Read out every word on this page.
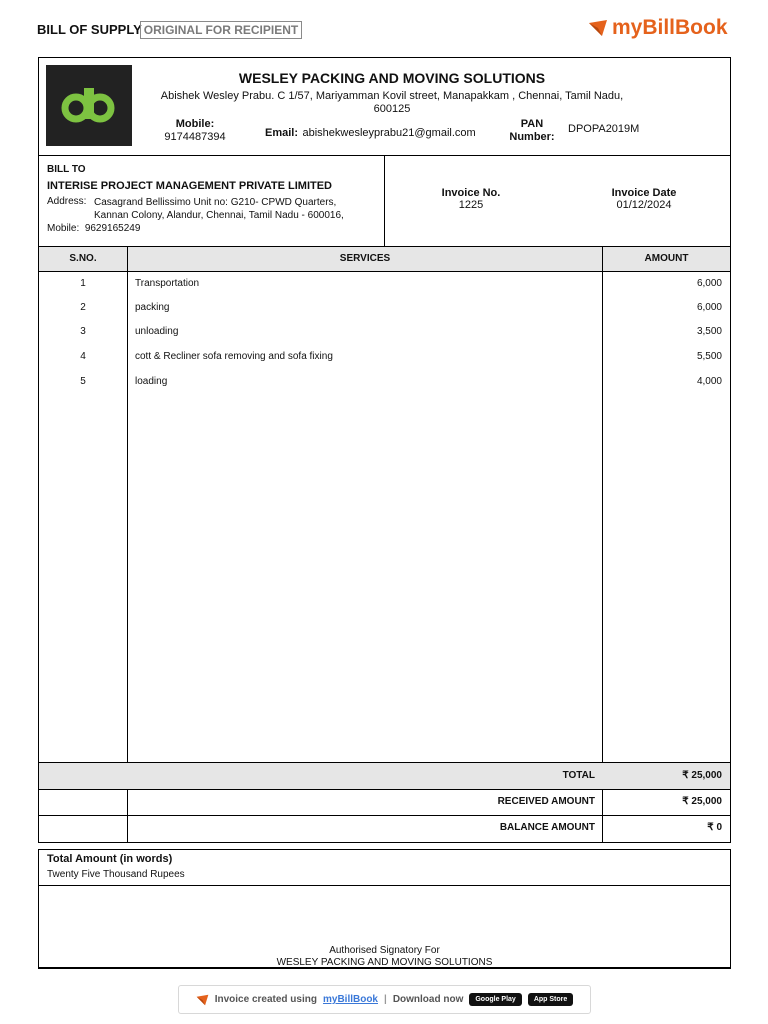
BILL OF SUPPLY ORIGINAL FOR RECIPIENT	myBillBook
WESLEY PACKING AND MOVING SOLUTIONS
Abishek Wesley Prabu. C 1/57, Mariyamman Kovil street, Manapakkam , Chennai, Tamil Nadu,
600125
Mobile:
9174487394	Email: abishekwesleyprabu21@gmail.com
PAN
Number:
DPOPA2019M
BILL TO
INTERISE PROJECT MANAGEMENT PRIVATE LIMITED
Address: Casagrand Bellissimo Unit no: G210- CPWD Quarters,
Kannan Colony, Alandur, Chennai, Tamil Nadu - 600016,
Mobile: 9629165249
Invoice No.
1225
Invoice Date
01/12/2024
S.NO.	SERVICES	AMOUNT
1	Transportation	6,000
2	packing	6,000
3	unloading	3,500
4	cott & Recliner sofa removing and sofa fixing	5,500
5	loading	4,000
TOTAL	₹ 25,000
RECEIVED AMOUNT	₹ 25,000
BALANCE AMOUNT	₹ 0
Total Amount (in words)
Twenty Five Thousand Rupees
Authorised Signatory For
WESLEY PACKING AND MOVING SOLUTIONS
Invoice created using myBillBook | Download now	Google Play	App Store
